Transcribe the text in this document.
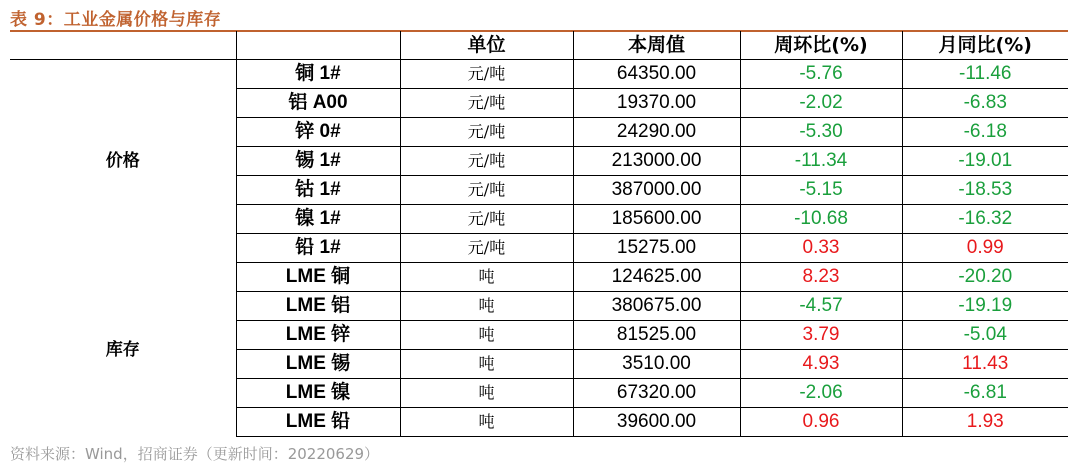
表 9：工业金属价格与库存
		单位	本周值	周环比(%)	月同比(%)
价格	铜 1#	元/吨	64350.00	-5.76	-11.46
	铝 A00	元/吨	19370.00	-2.02	-6.83
	锌 0#	元/吨	24290.00	-5.30	-6.18
	锡 1#	元/吨	213000.00	-11.34	-19.01
	钴 1#	元/吨	387000.00	-5.15	-18.53
	镍 1#	元/吨	185600.00	-10.68	-16.32
	铅 1#	元/吨	15275.00	0.33	0.99
库存	LME 铜	吨	124625.00	8.23	-20.20
	LME 铝	吨	380675.00	-4.57	-19.19
	LME 锌	吨	81525.00	3.79	-5.04
	LME 锡	吨	3510.00	4.93	11.43
	LME 镍	吨	67320.00	-2.06	-6.81
	LME 铅	吨	39600.00	0.96	1.93
资料来源：Wind，招商证券（更新时间：20220629）
